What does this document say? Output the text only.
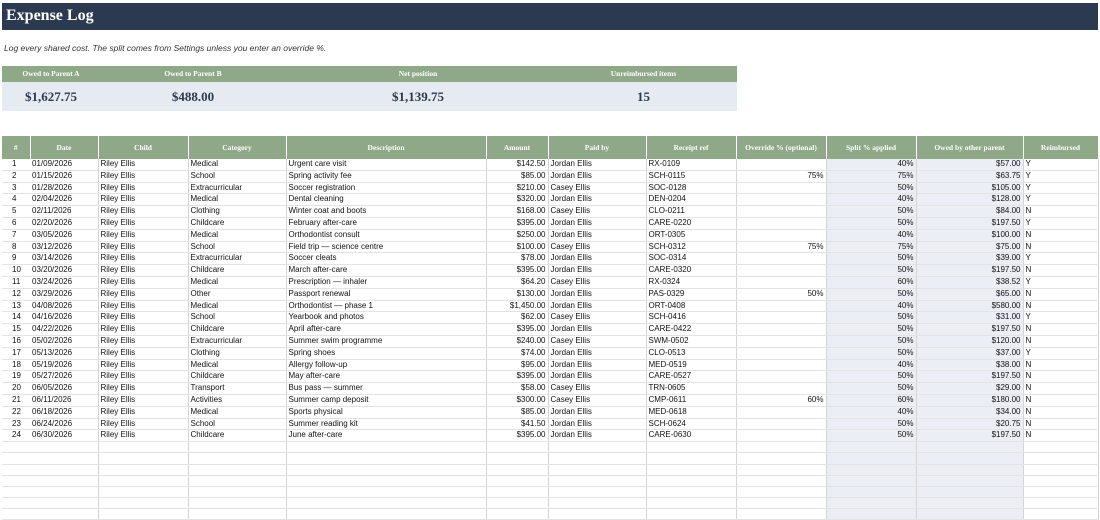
Expense Log
Log every shared cost. The split comes from Settings unless you enter an override %.
Owed to Parent A	Owed to Parent B	Net position	Unreimbursed items
$1,627.75	$488.00	$1,139.75	15
#	Date	Child	Category	Description	Amount	Paid by	Receipt ref	Override % (optional)	Split % applied	Owed by other parent	Reimbursed
1	01/09/2026	Riley Ellis	Medical	Urgent care visit	$142.50	Jordan Ellis	RX-0109		40%	$57.00	Y
2	01/15/2026	Riley Ellis	School	Spring activity fee	$85.00	Jordan Ellis	SCH-0115	75%	75%	$63.75	Y
3	01/28/2026	Riley Ellis	Extracurricular	Soccer registration	$210.00	Casey Ellis	SOC-0128		50%	$105.00	Y
4	02/04/2026	Riley Ellis	Medical	Dental cleaning	$320.00	Jordan Ellis	DEN-0204		40%	$128.00	Y
5	02/11/2026	Riley Ellis	Clothing	Winter coat and boots	$168.00	Casey Ellis	CLO-0211		50%	$84.00	N
6	02/20/2026	Riley Ellis	Childcare	February after-care	$395.00	Jordan Ellis	CARE-0220		50%	$197.50	Y
7	03/05/2026	Riley Ellis	Medical	Orthodontist consult	$250.00	Jordan Ellis	ORT-0305		40%	$100.00	N
8	03/12/2026	Riley Ellis	School	Field trip — science centre	$100.00	Casey Ellis	SCH-0312	75%	75%	$75.00	N
9	03/14/2026	Riley Ellis	Extracurricular	Soccer cleats	$78.00	Jordan Ellis	SOC-0314		50%	$39.00	Y
10	03/20/2026	Riley Ellis	Childcare	March after-care	$395.00	Jordan Ellis	CARE-0320		50%	$197.50	N
11	03/24/2026	Riley Ellis	Medical	Prescription — inhaler	$64.20	Casey Ellis	RX-0324		60%	$38.52	Y
12	03/29/2026	Riley Ellis	Other	Passport renewal	$130.00	Jordan Ellis	PAS-0329	50%	50%	$65.00	N
13	04/08/2026	Riley Ellis	Medical	Orthodontist — phase 1	$1,450.00	Jordan Ellis	ORT-0408		40%	$580.00	N
14	04/16/2026	Riley Ellis	School	Yearbook and photos	$62.00	Casey Ellis	SCH-0416		50%	$31.00	Y
15	04/22/2026	Riley Ellis	Childcare	April after-care	$395.00	Jordan Ellis	CARE-0422		50%	$197.50	N
16	05/02/2026	Riley Ellis	Extracurricular	Summer swim programme	$240.00	Casey Ellis	SWM-0502		50%	$120.00	N
17	05/13/2026	Riley Ellis	Clothing	Spring shoes	$74.00	Jordan Ellis	CLO-0513		50%	$37.00	Y
18	05/19/2026	Riley Ellis	Medical	Allergy follow-up	$95.00	Jordan Ellis	MED-0519		40%	$38.00	N
19	05/27/2026	Riley Ellis	Childcare	May after-care	$395.00	Jordan Ellis	CARE-0527		50%	$197.50	N
20	06/05/2026	Riley Ellis	Transport	Bus pass — summer	$58.00	Casey Ellis	TRN-0605		50%	$29.00	N
21	06/11/2026	Riley Ellis	Activities	Summer camp deposit	$300.00	Casey Ellis	CMP-0611	60%	60%	$180.00	N
22	06/18/2026	Riley Ellis	Medical	Sports physical	$85.00	Jordan Ellis	MED-0618		40%	$34.00	N
23	06/24/2026	Riley Ellis	School	Summer reading kit	$41.50	Jordan Ellis	SCH-0624		50%	$20.75	N
24	06/30/2026	Riley Ellis	Childcare	June after-care	$395.00	Jordan Ellis	CARE-0630		50%	$197.50	N
